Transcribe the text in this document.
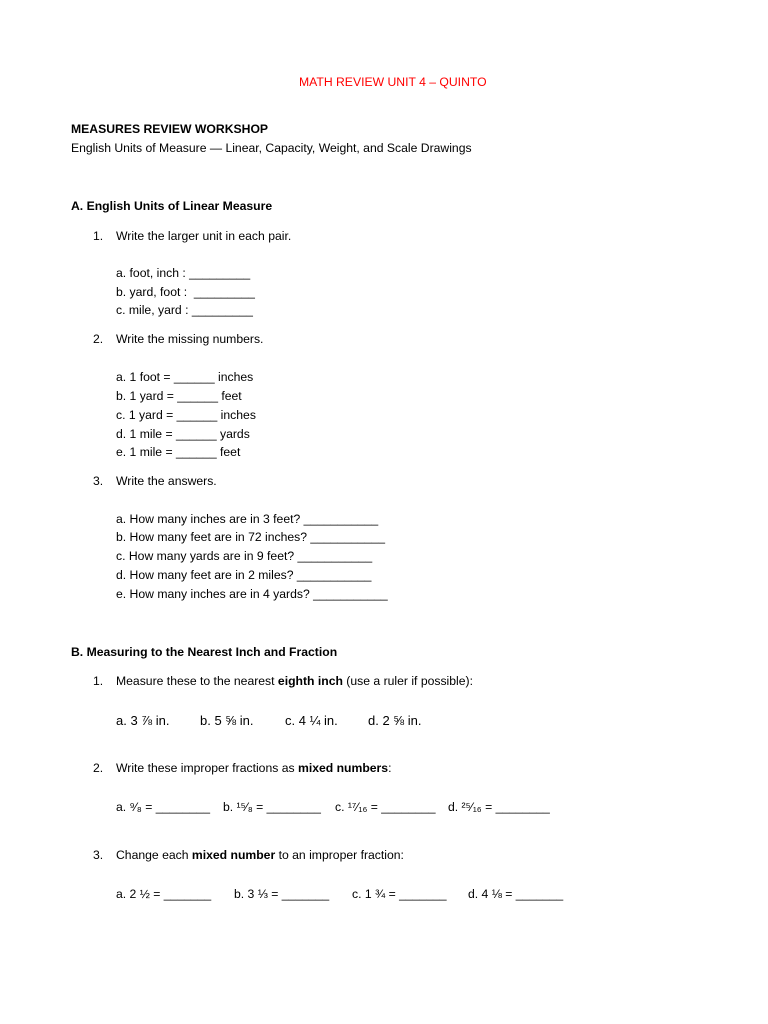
MATH REVIEW UNIT 4 – QUINTO
MEASURES REVIEW WORKSHOP
English Units of Measure — Linear, Capacity, Weight, and Scale Drawings
A. English Units of Linear Measure
1. Write the larger unit in each pair.
a. foot, inch : _________
b. yard, foot :  _________
c. mile, yard : _________
2. Write the missing numbers.
a. 1 foot = ______ inches
b. 1 yard = ______ feet
c. 1 yard = ______ inches
d. 1 mile = ______ yards
e. 1 mile = ______ feet
3. Write the answers.
a. How many inches are in 3 feet? ___________
b. How many feet are in 72 inches? ___________
c. How many yards are in 9 feet? ___________
d. How many feet are in 2 miles? ___________
e. How many inches are in 4 yards? ___________
B. Measuring to the Nearest Inch and Fraction
1. Measure these to the nearest eighth inch (use a ruler if possible):
a. 3 ⅞ in. b. 5 ⅝ in. c. 4 ¼ in. d. 2 ⅝ in.
2. Write these improper fractions as mixed numbers:
a. ⁹⁄₈ = ________ b. ¹⁵⁄₈ = ________ c. ¹⁷⁄₁₆ = ________ d. ²⁵⁄₁₆ = ________
3. Change each mixed number to an improper fraction:
a. 2 ½ = _______ b. 3 ⅓ = _______ c. 1 ¾ = _______ d. 4 ⅛ = _______
